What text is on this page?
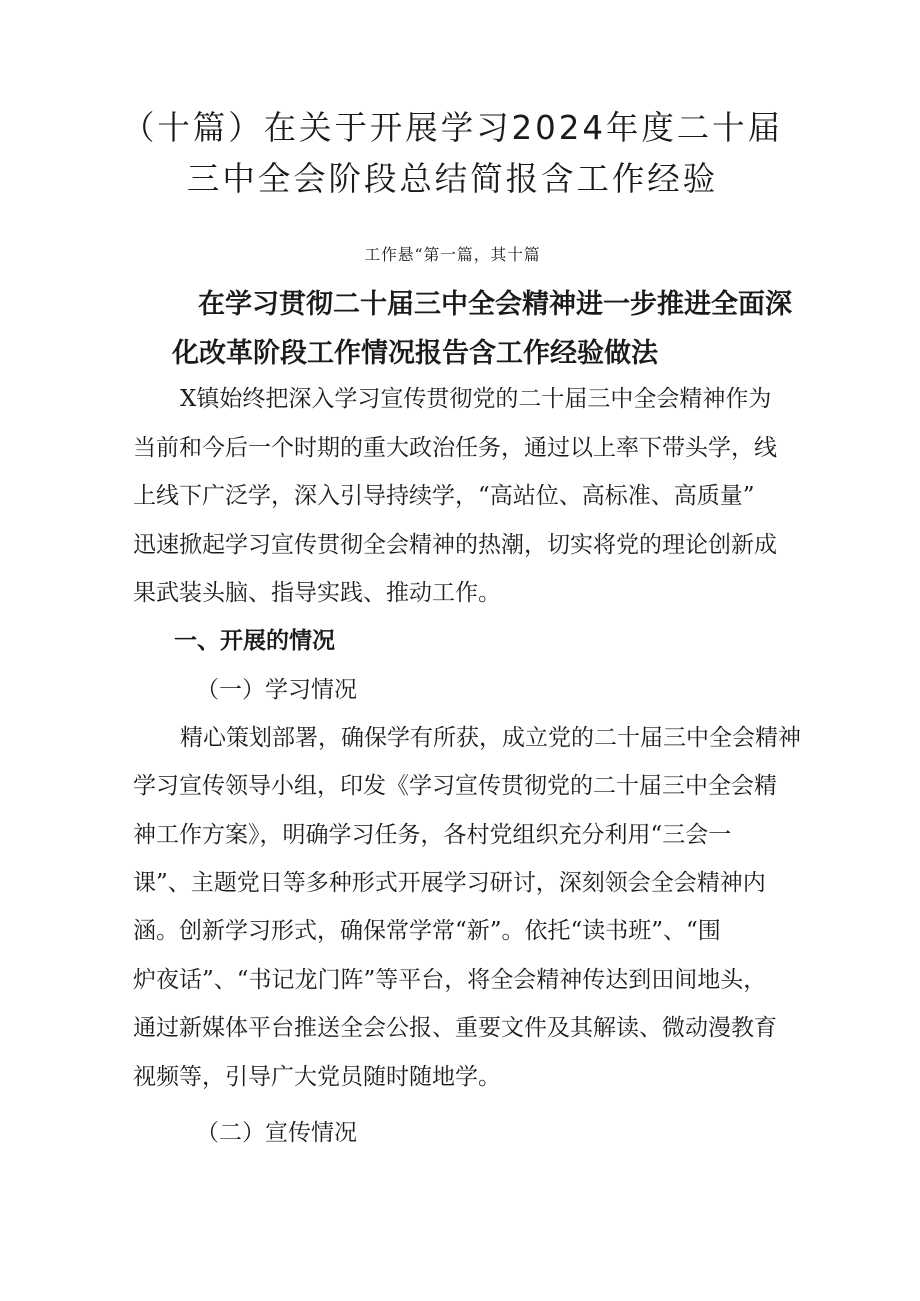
（十篇）在关于开展学习2024年度二十届
三中全会阶段总结简报含工作经验
工作悬“第一篇，其十篇
在学习贯彻二十届三中全会精神进一步推进全面深
化改革阶段工作情况报告含工作经验做法
X镇始终把深入学习宣传贯彻党的二十届三中全会精神作为
当前和今后一个时期的重大政治任务，通过以上率下带头学，线
上线下广泛学，深入引导持续学，“高站位、高标准、高质量”
迅速掀起学习宣传贯彻全会精神的热潮，切实将党的理论创新成
果武装头脑、指导实践、推动工作。
一、开展的情况
（一）学习情况
精心策划部署，确保学有所获，成立党的二十届三中全会精神
学习宣传领导小组，印发《学习宣传贯彻党的二十届三中全会精
神工作方案》，明确学习任务，各村党组织充分利用“三会一
课”、主题党日等多种形式开展学习研讨，深刻领会全会精神内
涵。创新学习形式，确保常学常“新”。依托“读书班”、“围
炉夜话”、“书记龙门阵”等平台，将全会精神传达到田间地头，
通过新媒体平台推送全会公报、重要文件及其解读、微动漫教育
视频等，引导广大党员随时随地学。
（二）宣传情况
